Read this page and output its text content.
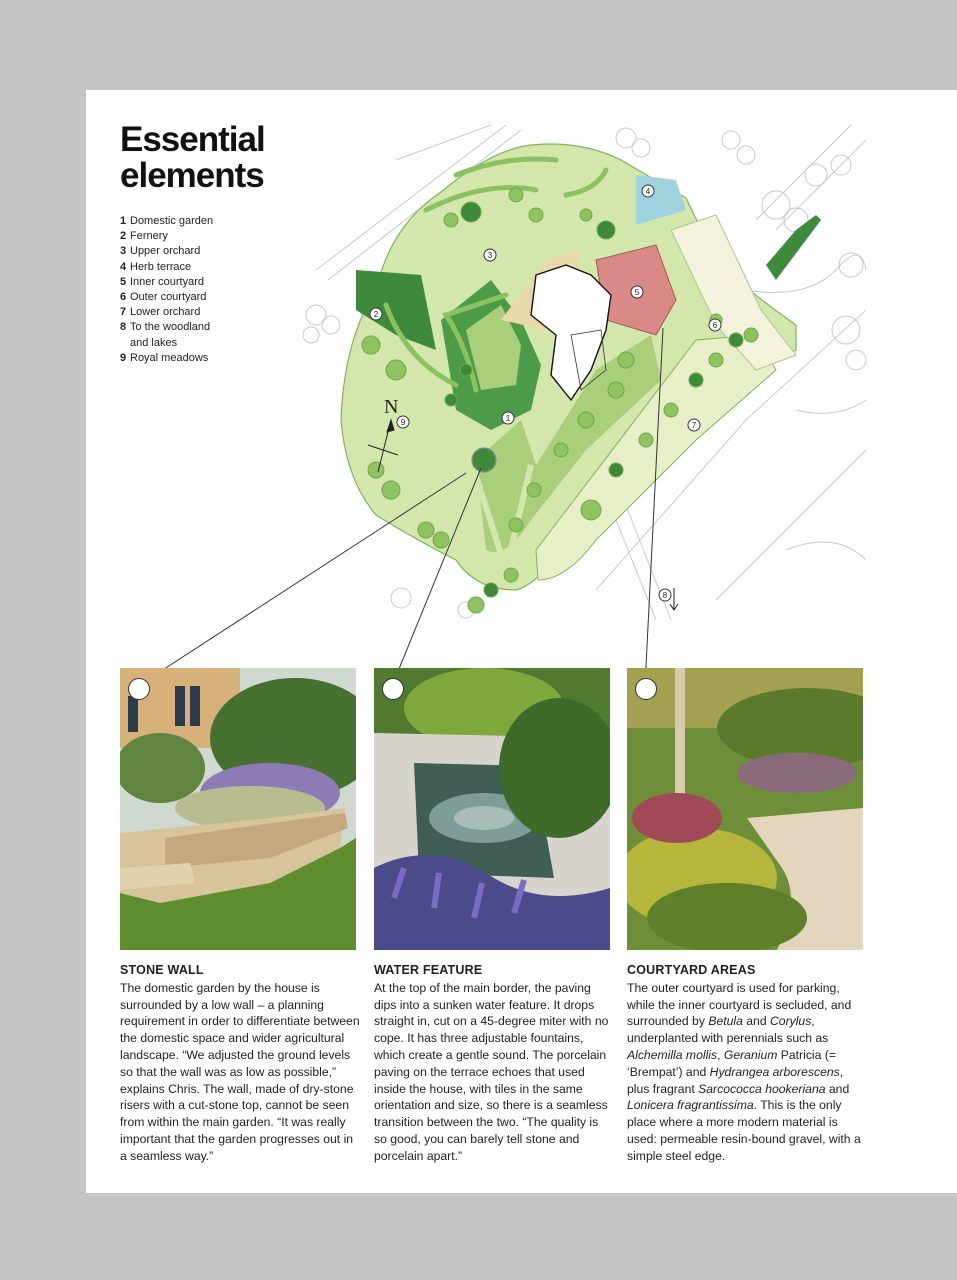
Essential
elements
1 Domestic garden
2 Fernery
3 Upper orchard
4 Herb terrace
5 Inner courtyard
6 Outer courtyard
7 Lower orchard
8 To the woodland and lakes
9 Royal meadows
N
1
2
3
4
5
6
7
8
9
STONE WALL

The domestic garden by the house is surrounded by a low wall – a planning requirement in order to differentiate between the domestic space and wider agricultural landscape. “We adjusted the ground levels so that the wall was as low as possible,” explains Chris. The wall, made of dry-stone risers with a cut-stone top, cannot be seen from within the main garden. “It was really important that the garden progresses out in a seamless way.”

WATER FEATURE

At the top of the main border, the paving dips into a sunken water feature. It drops straight in, cut on a 45-degree miter with no cope. It has three adjustable fountains, which create a gentle sound. The porcelain paving on the terrace echoes that used inside the house, with tiles in the same orientation and size, so there is a seamless transition between the two. “The quality is so good, you can barely tell stone and porcelain apart.”

COURTYARD AREAS

The outer courtyard is used for parking, while the inner courtyard is secluded, and surrounded by Betula and Corylus, underplanted with perennials such as Alchemilla mollis, Geranium Patricia (= ‘Brempat’) and Hydrangea arborescens, plus fragrant Sarcococca hookeriana and Lonicera fragrantissima. This is the only place where a more modern material is used: permeable resin-bound gravel, with a simple steel edge.
